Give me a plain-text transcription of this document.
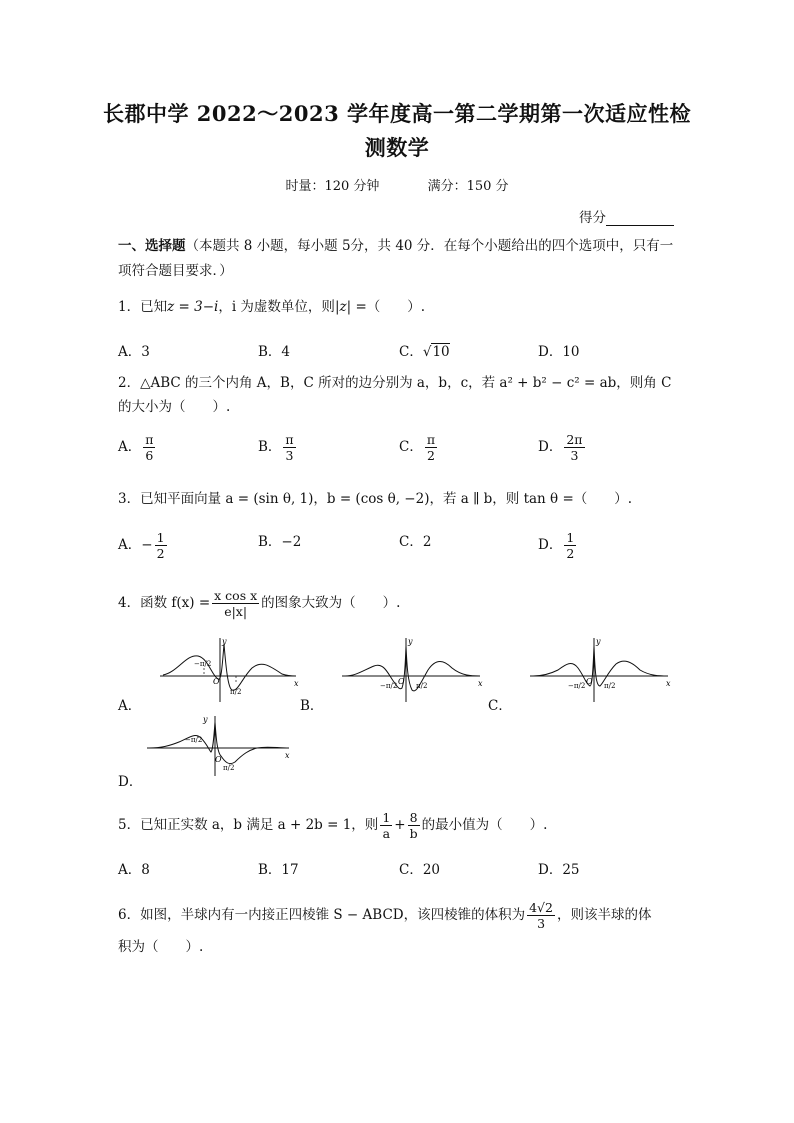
长郡中学 2022～2023 学年度高一第二学期第一次适应性检
测数学
时量：120 分钟	满分：150 分
得分
一、选择题（本题共 8 小题，每小题 5分，共 40 分．在每个小题给出的四个选项中，只有一项符合题目要求．）
1．已知z = 3−i，i 为虚数单位，则|z| =（　　）.
A．3	B．4	C．√10	D．10
2．△ABC 的三个内角 A，B，C 所对的边分别为 a，b，c，若 a² + b² − c² = ab，则角 C
的大小为（　　）.
A． $\frac{\pi}{6}$	B． $\frac{\pi}{3}$	C． $\frac{\pi}{2}$	D． $\frac{2\pi}{3}$
3．已知平面向量 a = (sin θ, 1)，b = (cos θ, −2)，若 a ∥ b，则 tan θ =（　　）.
A．− $\frac{1}{2}$	B．−2	C．2	D． $\frac{1}{2}$
4．函数 $f(x) = \frac{\text{x cos x}}{e|x|}$ 的图象大致为（　　）.
A．	B．	C．
D．
y
x
O
−π/2
π/2
y
x
O
−π/2	π/2
y
x
O
−π/2	π/2
y
x
O
−π/2
π/2
5．已知正实数 a，b 满足 a + 2b = 1，则 $\frac{1}{a} + \frac{8}{b}$ 的最小值为（　　）.
A．8	B．17	C．20	D．25
6．如图，半球内有一内接正四棱锥 S − ABCD，该四棱锥的体积为 $\frac{4√2}{3}$ ，则该半球的体
积为（　　）.
